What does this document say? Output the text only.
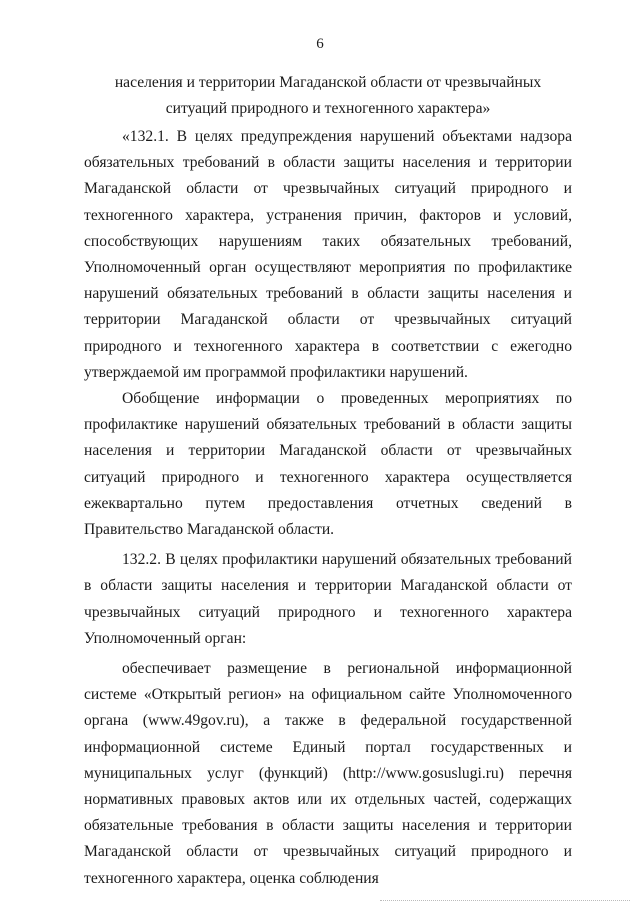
6
населения и территории Магаданской области от чрезвычайных ситуаций природного и техногенного характера»

«132.1. В целях предупреждения нарушений объектами надзора обязательных требований в области защиты населения и территории Магаданской области от чрезвычайных ситуаций природного и техногенного характера, устранения причин, факторов и условий, способствующих нарушениям таких обязательных требований, Уполномоченный орган осуществляют мероприятия по профилактике нарушений обязательных требований в области защиты населения и территории Магаданской области от чрезвычайных ситуаций природного и техногенного характера в соответствии с ежегодно утверждаемой им программой профилактики нарушений.

Обобщение информации о проведенных мероприятиях по профилактике нарушений обязательных требований в области защиты населения и территории Магаданской области от чрезвычайных ситуаций природного и техногенного характера осуществляется ежеквартально путем предоставления отчетных сведений в Правительство Магаданской области.

132.2. В целях профилактики нарушений обязательных требований в области защиты населения и территории Магаданской области от чрезвычайных ситуаций природного и техногенного характера Уполномоченный орган:

обеспечивает размещение в региональной информационной системе «Открытый регион» на официальном сайте Уполномоченного органа (www.49gov.ru), а также в федеральной государственной информационной системе Единый портал государственных и муниципальных услуг (функций) (http://www.gosuslugi.ru) перечня нормативных правовых актов или их отдельных частей, содержащих обязательные требования в области защиты населения и территории Магаданской области от чрезвычайных ситуаций природного и техногенного характера, оценка соблюдения
